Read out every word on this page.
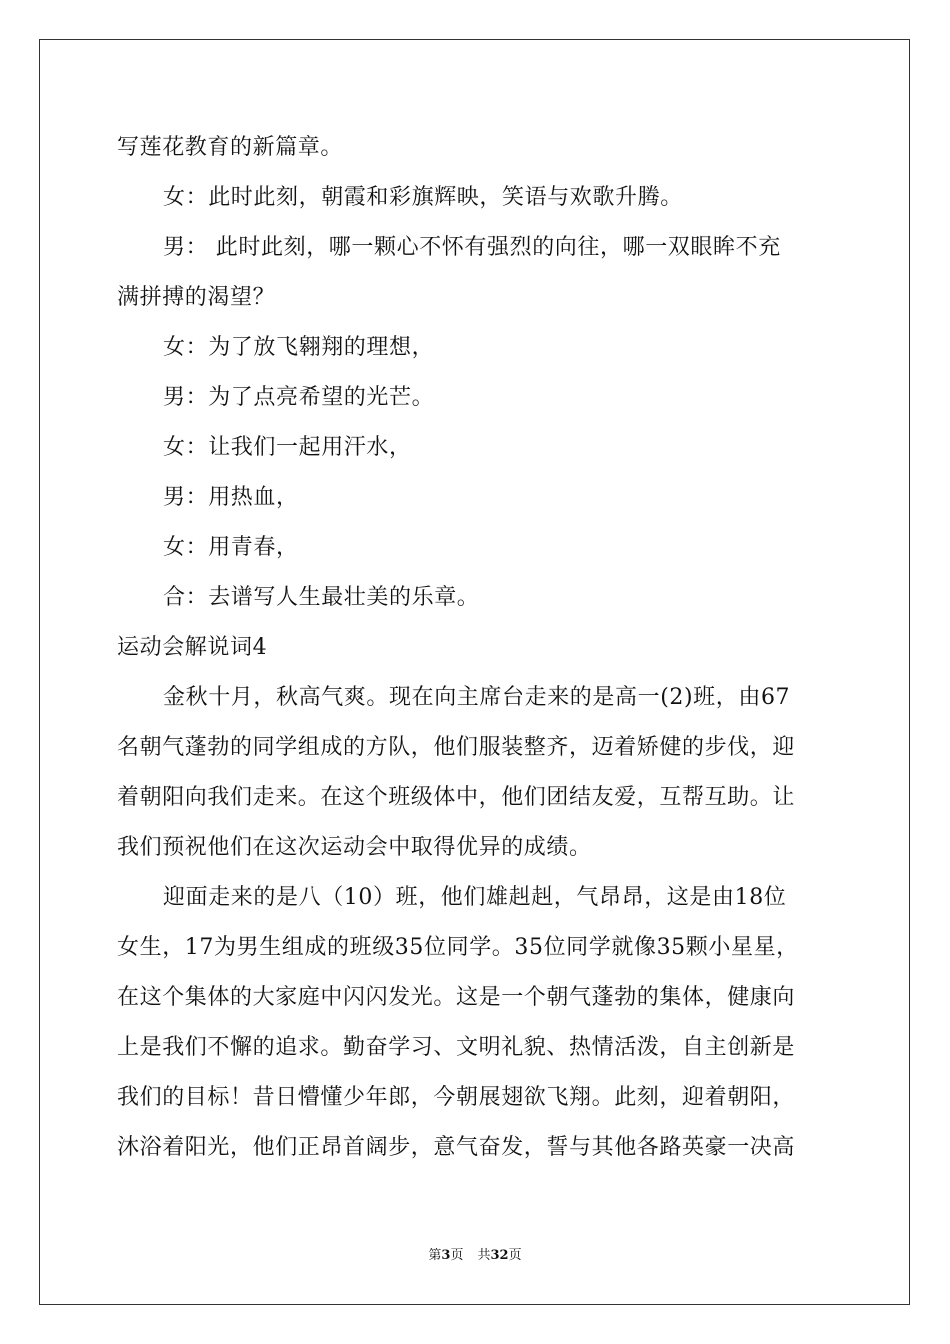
写莲花教育的新篇章。
女：此时此刻，朝霞和彩旗辉映，笑语与欢歌升腾。
男： 此时此刻，哪一颗心不怀有强烈的向往，哪一双眼眸不充
满拼搏的渴望？
女：为了放飞翱翔的理想，
男：为了点亮希望的光芒。
女：让我们一起用汗水，
男：用热血，
女：用青春，
合：去谱写人生最壮美的乐章。
运动会解说词4
金秋十月，秋高气爽。现在向主席台走来的是高一(2)班，由67
名朝气蓬勃的同学组成的方队，他们服装整齐，迈着矫健的步伐，迎
着朝阳向我们走来。在这个班级体中，他们团结友爱，互帮互助。让
我们预祝他们在这次运动会中取得优异的成绩。
迎面走来的是八（10）班，他们雄赳赳，气昂昂，这是由18位
女生，17为男生组成的班级35位同学。35位同学就像35颗小星星，
在这个集体的大家庭中闪闪发光。这是一个朝气蓬勃的集体，健康向
上是我们不懈的追求。勤奋学习、文明礼貌、热情活泼，自主创新是
我们的目标！昔日懵懂少年郎，今朝展翅欲飞翔。此刻，迎着朝阳，
沐浴着阳光，他们正昂首阔步，意气奋发，誓与其他各路英豪一决高
第3页 共32页
